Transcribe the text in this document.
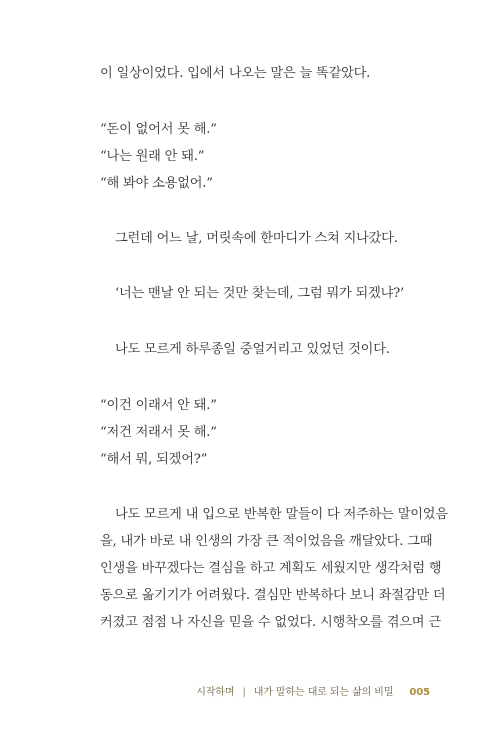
이 일상이었다. 입에서 나오는 말은 늘 똑같았다.
“돈이 없어서 못 해.”
“나는 원래 안 돼.”
“해 봐야 소용없어.”
그런데 어느 날, 머릿속에 한마디가 스쳐 지나갔다.
‘너는 맨날 안 되는 것만 찾는데, 그럼 뭐가 되겠냐?’
나도 모르게 하루종일 중얼거리고 있었던 것이다.
“이건 이래서 안 돼.”
“저건 저래서 못 해.”
“해서 뭐, 되겠어?”
나도 모르게 내 입으로 반복한 말들이 다 저주하는 말이었음
을, 내가 바로 내 인생의 가장 큰 적이었음을 깨달았다. 그때
인생을 바꾸겠다는 결심을 하고 계획도 세웠지만 생각처럼 행
동으로 옮기기가 어려웠다. 결심만 반복하다 보니 좌절감만 더
커졌고 점점 나 자신을 믿을 수 없었다. 시행착오를 겪으며 근
시작하며 | 내가 말하는 대로 되는 삶의 비밀 005
